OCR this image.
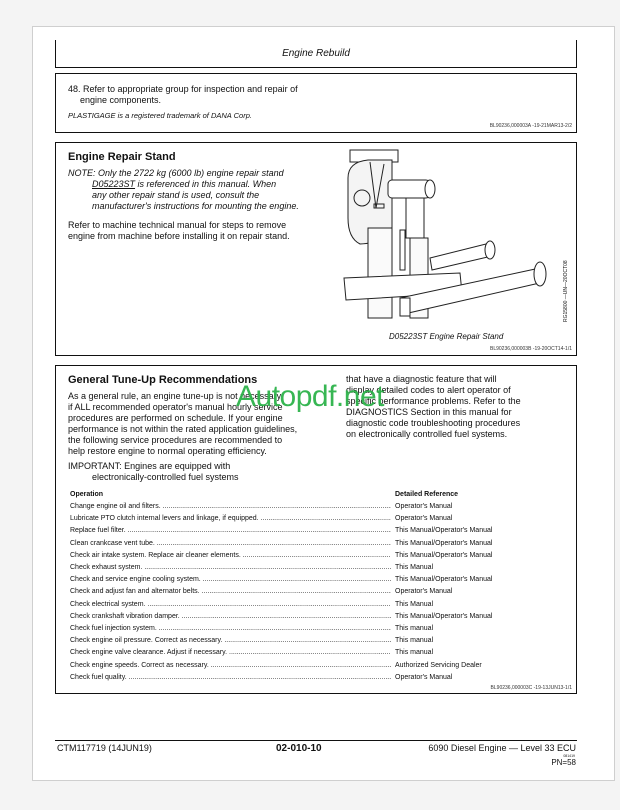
Engine Rebuild
48. Refer to appropriate group for inspection and repair of
engine components.
PLASTIGAGE is a registered trademark of DANA Corp.
BL90236,000003A -19-21MAR13-2/2
Engine Repair Stand
NOTE: Only the 2722 kg (6000 lb) engine repair stand
D05223ST is referenced in this manual. When
any other repair stand is used, consult the
manufacturer's instructions for mounting the engine.
Refer to machine technical manual for steps to remove
engine from machine before installing it on repair stand.
D05223ST Engine Repair Stand
BL90236,000003B -19-20OCT14-1/1
RG15800 —UN—20OCT08
General Tune-Up Recommendations
As a general rule, an engine tune-up is not necessary
if ALL recommended operator's manual hourly service
procedures are performed on schedule. If your engine
performance is not within the rated application guidelines,
the following service procedures are recommended to
help restore engine to normal operating efficiency.
IMPORTANT: Engines are equipped with
electronically-controlled fuel systems
that have a diagnostic feature that will
display detailed codes to alert operator of
specific performance problems. Refer to the
DIAGNOSTICS Section in this manual for
diagnostic code troubleshooting procedures
on electronically controlled fuel systems.
Operation	Detailed Reference
Change engine oil and filters. .....	Operator's Manual
Lubricate PTO clutch internal levers and linkage, if equipped. .....	Operator's Manual
Replace fuel filter. .....	This Manual/Operator's Manual
Clean crankcase vent tube. .....	This Manual/Operator's Manual
Check air intake system. Replace air cleaner elements. .....	This Manual/Operator's Manual
Check exhaust system. .....	This Manual
Check and service engine cooling system. .....	This Manual/Operator's Manual
Check and adjust fan and alternator belts. .....	Operator's Manual
Check electrical system. .....	This Manual
Check crankshaft vibration damper. .....	This Manual/Operator's Manual
Check fuel injection system. .....	This manual
Check engine oil pressure. Correct as necessary. .....	This manual
Check engine valve clearance. Adjust if necessary. .....	This manual
Check engine speeds. Correct as necessary. .....	Authorized Servicing Dealer
Check fuel quality. .....	Operator's Manual
BL90236,000003C -19-13JUN13-1/1
Autopdf.net
CTM117719 (14JUN19)	02-010-10	6090 Diesel Engine — Level 33 ECU
081419
PN=58
